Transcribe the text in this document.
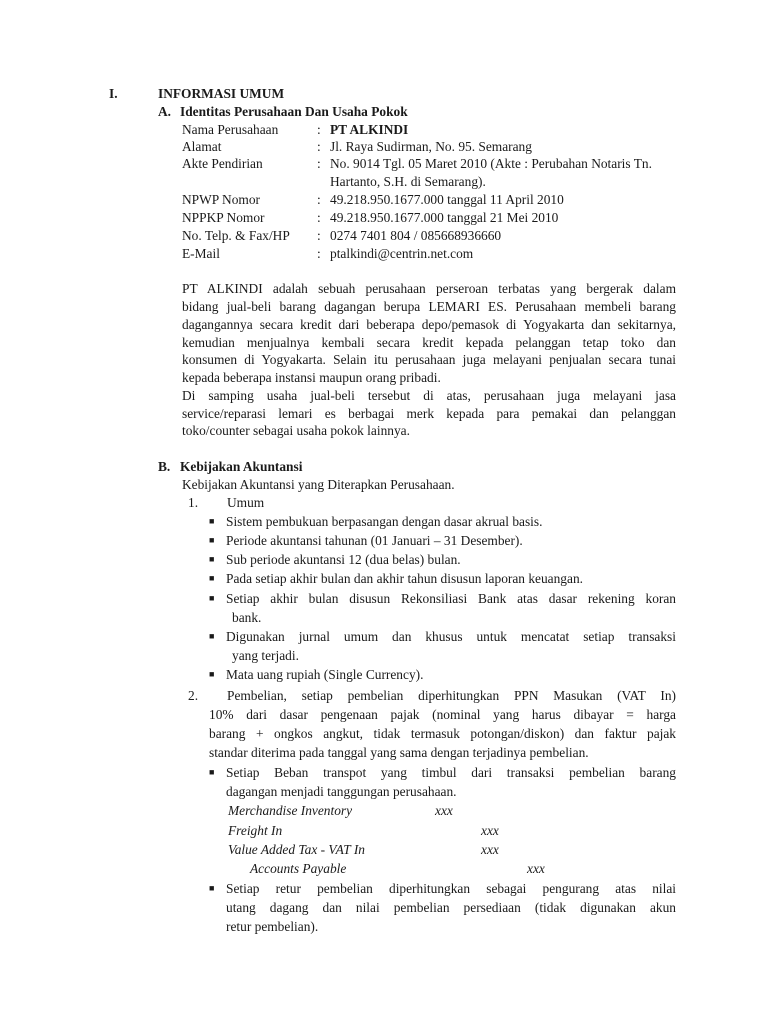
I.	INFORMASI UMUM
A. Identitas Perusahaan Dan Usaha Pokok
Nama Perusahaan	: PT ALKINDI
Alamat	: Jl. Raya Sudirman, No. 95. Semarang
Akte Pendirian	: No. 9014 Tgl. 05 Maret 2010 (Akte : Perubahan Notaris Tn.
Hartanto, S.H. di Semarang).
NPWP Nomor	: 49.218.950.1677.000 tanggal 11 April 2010
NPPKP Nomor	: 49.218.950.1677.000 tanggal 21 Mei 2010
No. Telp. & Fax/HP : 0274 7401 804 / 085668936660
E-Mail	: ptalkindi@centrin.net.com
PT ALKINDI adalah sebuah perusahaan perseroan terbatas yang bergerak dalam
bidang jual-beli barang dagangan berupa LEMARI ES. Perusahaan membeli barang
dagangannya secara kredit dari beberapa depo/pemasok di Yogyakarta dan sekitarnya,
kemudian menjualnya kembali secara kredit kepada pelanggan tetap toko dan
konsumen di Yogyakarta. Selain itu perusahaan juga melayani penjualan secara tunai
kepada beberapa instansi maupun orang pribadi.
Di samping usaha jual-beli tersebut di atas, perusahaan juga melayani jasa
service/reparasi lemari es berbagai merk kepada para pemakai dan pelanggan
toko/counter sebagai usaha pokok lainnya.
B. Kebijakan Akuntansi
Kebijakan Akuntansi yang Diterapkan Perusahaan.
1. Umum
■ Sistem pembukuan berpasangan dengan dasar akrual basis.
■ Periode akuntansi tahunan (01 Januari – 31 Desember).
■ Sub periode akuntansi 12 (dua belas) bulan.
■ Pada setiap akhir bulan dan akhir tahun disusun laporan keuangan.
■ Setiap akhir bulan disusun Rekonsiliasi Bank atas dasar rekening koran
bank.
■ Digunakan jurnal umum dan khusus untuk mencatat setiap transaksi
yang terjadi.
■ Mata uang rupiah (Single Currency).
2. Pembelian, setiap pembelian diperhitungkan PPN Masukan (VAT In)
10% dari dasar pengenaan pajak (nominal yang harus dibayar = harga
barang + ongkos angkut, tidak termasuk potongan/diskon) dan faktur pajak
standar diterima pada tanggal yang sama dengan terjadinya pembelian.
■ Setiap Beban transpot yang timbul dari transaksi pembelian barang
dagangan menjadi tanggungan perusahaan.
Merchandise Inventory	xxx
Freight In	xxx
Value Added Tax - VAT In	xxx
Accounts Payable	xxx
■ Setiap retur pembelian diperhitungkan sebagai pengurang atas nilai
utang dagang dan nilai pembelian persediaan (tidak digunakan akun
retur pembelian).
